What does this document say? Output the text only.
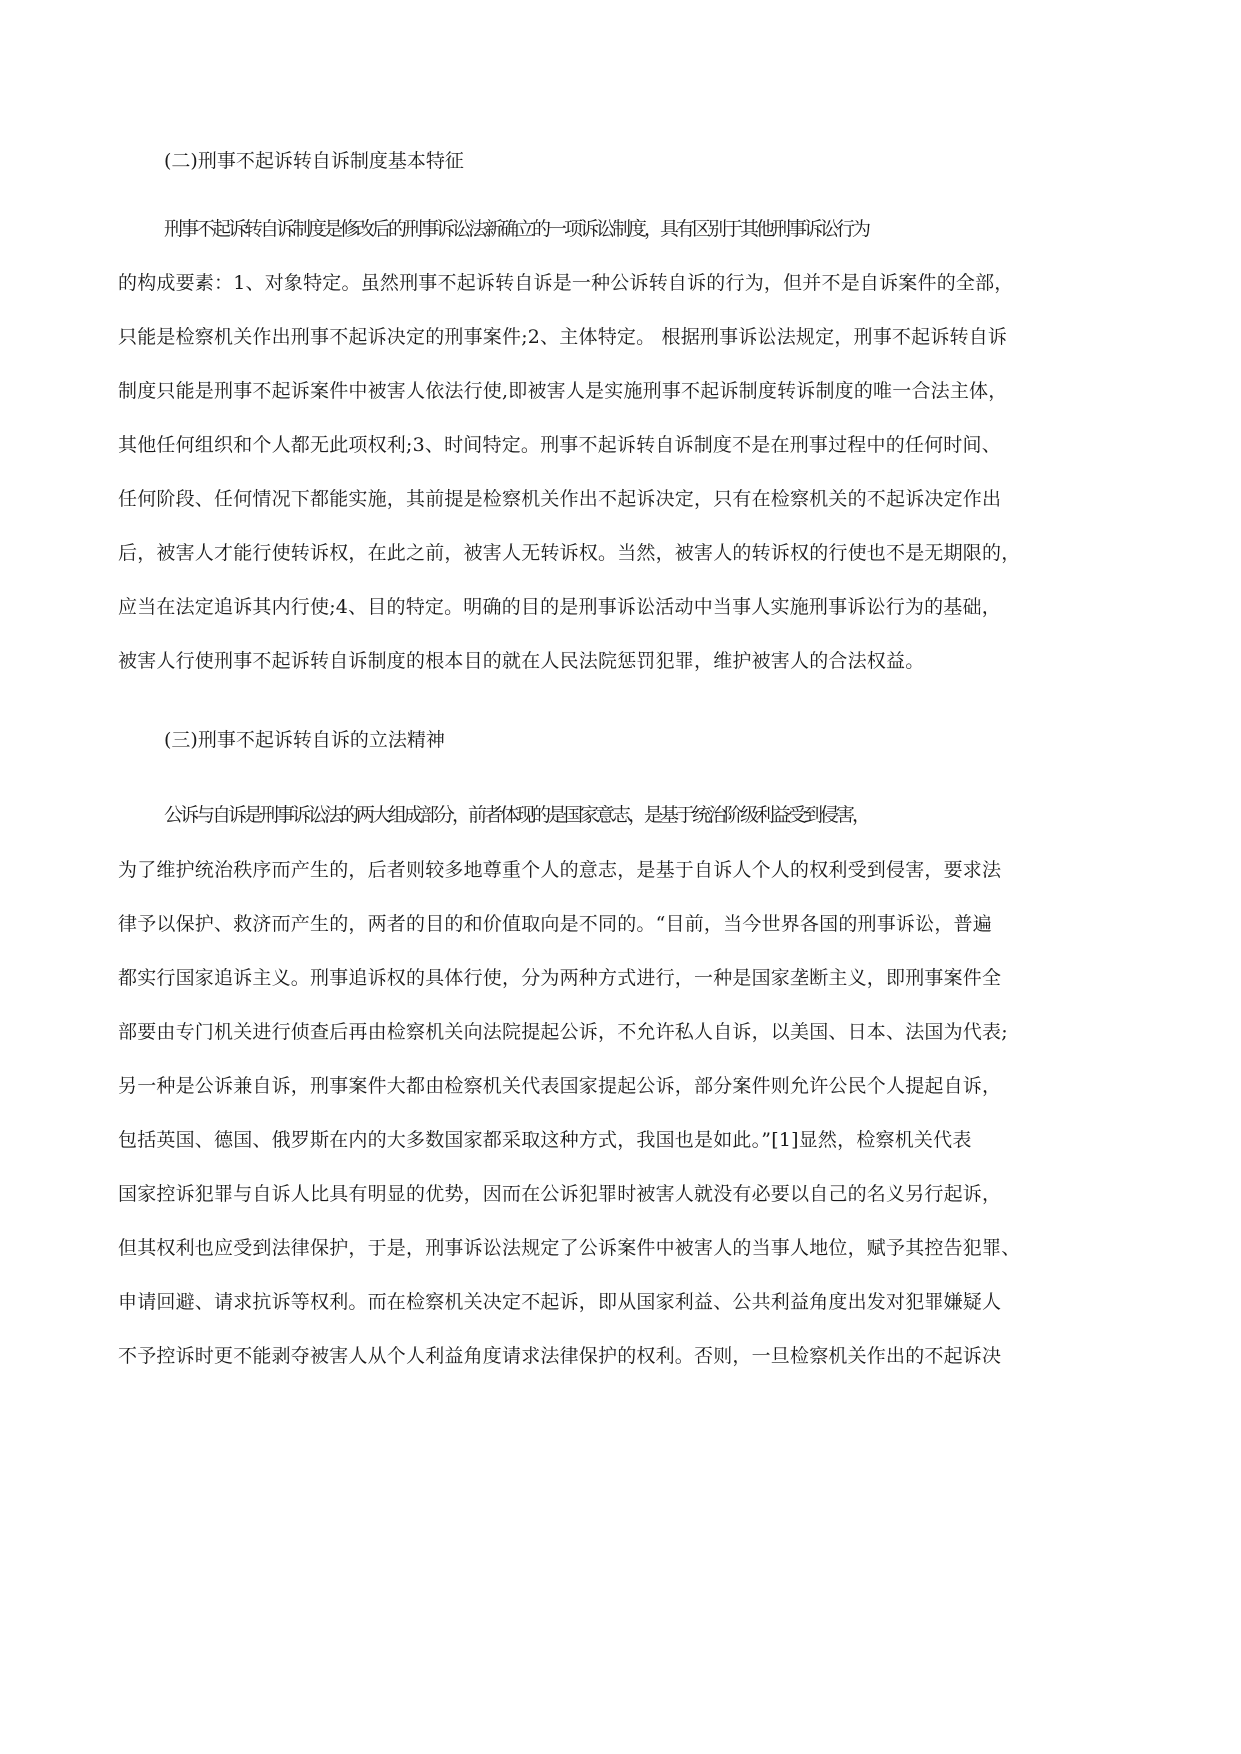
(二)刑事不起诉转自诉制度基本特征
刑事不起诉转自诉制度是修改后的刑事诉讼法新确立的一项诉讼制度，具有区别于其他刑事诉讼行为
的构成要素：1、对象特定。虽然刑事不起诉转自诉是一种公诉转自诉的行为，但并不是自诉案件的全部，
只能是检察机关作出刑事不起诉决定的刑事案件;2、主体特定。 根据刑事诉讼法规定，刑事不起诉转自诉
制度只能是刑事不起诉案件中被害人依法行使,即被害人是实施刑事不起诉制度转诉制度的唯一合法主体，
其他任何组织和个人都无此项权利;3、时间特定。刑事不起诉转自诉制度不是在刑事过程中的任何时间、
任何阶段、任何情况下都能实施，其前提是检察机关作出不起诉决定，只有在检察机关的不起诉决定作出
后，被害人才能行使转诉权，在此之前，被害人无转诉权。当然，被害人的转诉权的行使也不是无期限的，
应当在法定追诉其内行使;4、目的特定。明确的目的是刑事诉讼活动中当事人实施刑事诉讼行为的基础，
被害人行使刑事不起诉转自诉制度的根本目的就在人民法院惩罚犯罪，维护被害人的合法权益。
(三)刑事不起诉转自诉的立法精神
公诉与自诉是刑事诉讼法的两大组成部分，前者体现的是国家意志，是基于统治阶级利益受到侵害，
为了维护统治秩序而产生的，后者则较多地尊重个人的意志，是基于自诉人个人的权利受到侵害，要求法
律予以保护、救济而产生的，两者的目的和价值取向是不同的。“目前，当今世界各国的刑事诉讼，普遍
都实行国家追诉主义。刑事追诉权的具体行使，分为两种方式进行，一种是国家垄断主义，即刑事案件全
部要由专门机关进行侦查后再由检察机关向法院提起公诉，不允许私人自诉，以美国、日本、法国为代表;
另一种是公诉兼自诉，刑事案件大都由检察机关代表国家提起公诉，部分案件则允许公民个人提起自诉，
包括英国、德国、俄罗斯在内的大多数国家都采取这种方式，我国也是如此。”[1]显然，检察机关代表
国家控诉犯罪与自诉人比具有明显的优势，因而在公诉犯罪时被害人就没有必要以自己的名义另行起诉，
但其权利也应受到法律保护，于是，刑事诉讼法规定了公诉案件中被害人的当事人地位，赋予其控告犯罪、
申请回避、请求抗诉等权利。而在检察机关决定不起诉，即从国家利益、公共利益角度出发对犯罪嫌疑人
不予控诉时更不能剥夺被害人从个人利益角度请求法律保护的权利。否则，一旦检察机关作出的不起诉决
